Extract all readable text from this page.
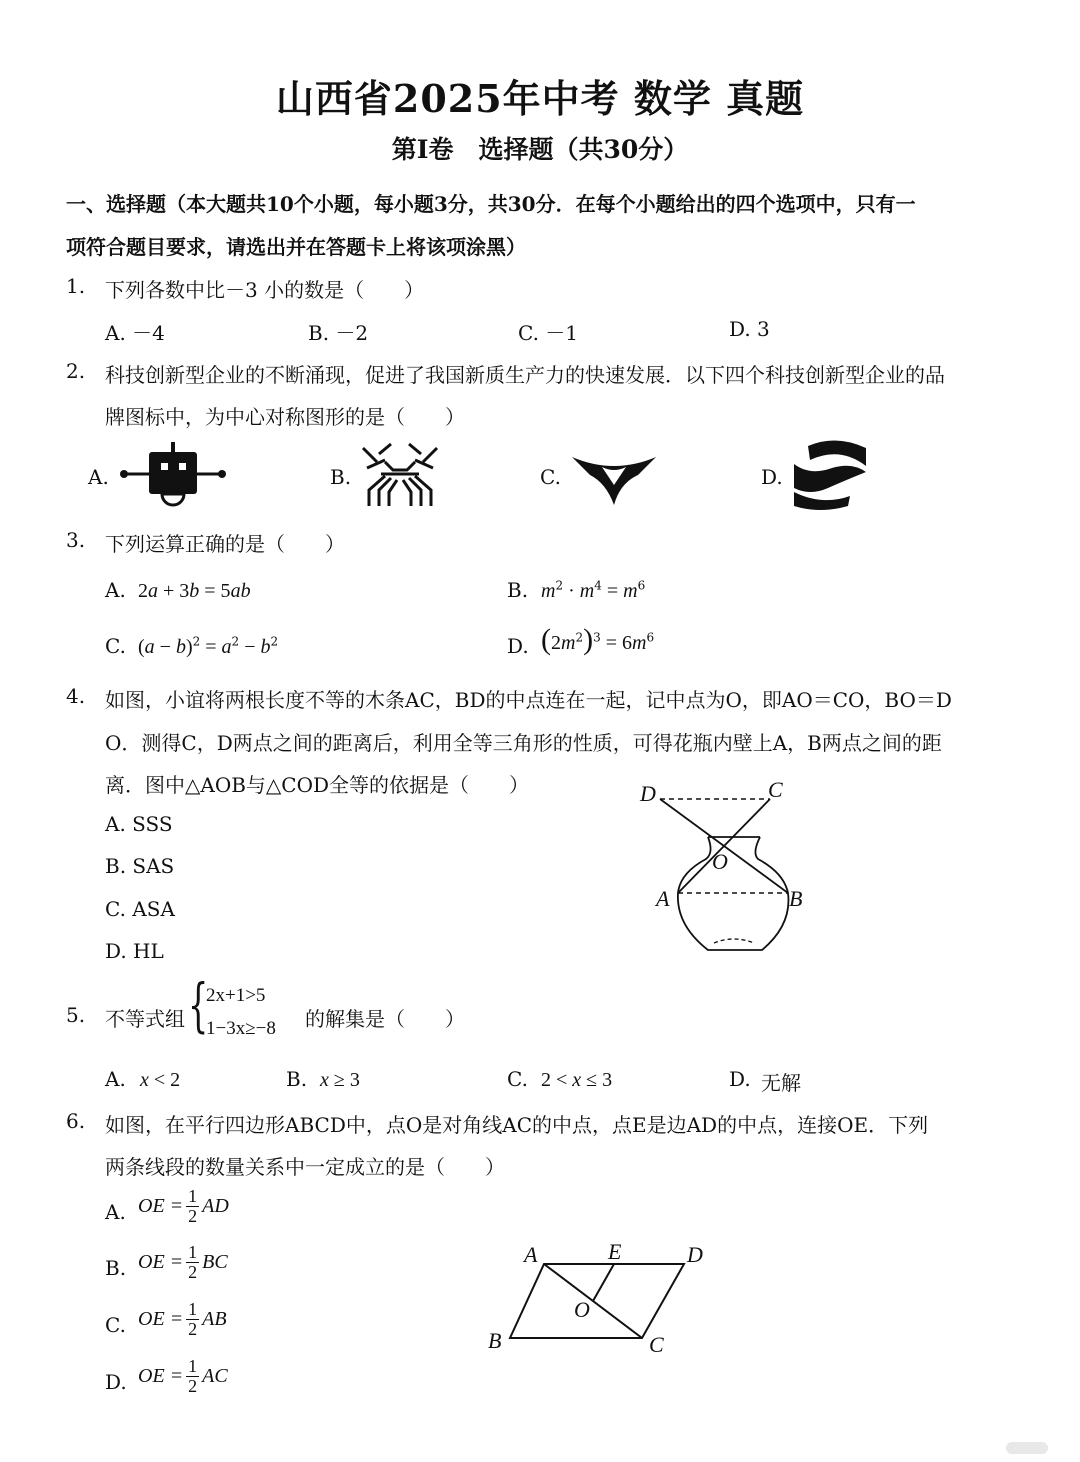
山西省2025年中考 数学 真题
第Ⅰ卷　选择题（共30分）
一、选择题（本大题共10个小题，每小题3分，共30分．在每个小题给出的四个选项中，只有一
项符合题目要求，请选出并在答题卡上将该项涂黑）
1. 下列各数中比－3 小的数是（　　）
A. －4	B. －2	C. －1	D. 3
2. 科技创新型企业的不断涌现，促进了我国新质生产力的快速发展．以下四个科技创新型企业的品
牌图标中，为中心对称图形的是（　　）
A.	B.	C.	D.
3. 下列运算正确的是（　　）
A. 2a + 3b = 5ab	B. $m^2 \cdot m^4 = m^6$
C. $(a - b)^2 = a^2 - b^2$	D. $(2m^2)^3 = 6m^6$
4. 如图，小谊将两根长度不等的木条AC，BD的中点连在一起，记中点为O，即AO＝CO，BO＝D
O．测得C，D两点之间的距离后，利用全等三角形的性质，可得花瓶内壁上A，B两点之间的距
离．图中△AOB与△COD全等的依据是（　　）
A. SSS
B. SAS
C. ASA
D. HL
D	C
O
A	B
5. 不等式组 {
2x+1>5
1−3x≥−8 的解集是（　　）
A. x < 2	B. x ≥ 3	C. 2 < x ≤ 3	D. 无解
6. 如图，在平行四边形ABCD中，点O是对角线AC的中点，点E是边AD的中点，连接OE．下列
两条线段的数量关系中一定成立的是（　　）
A. OE = $\frac{1}{2}$ AD
B. OE = $\frac{1}{2}$ BC
C. OE = $\frac{1}{2}$ AB
D. OE = $\frac{1}{2}$ AC
A	E	D
O
B	C
